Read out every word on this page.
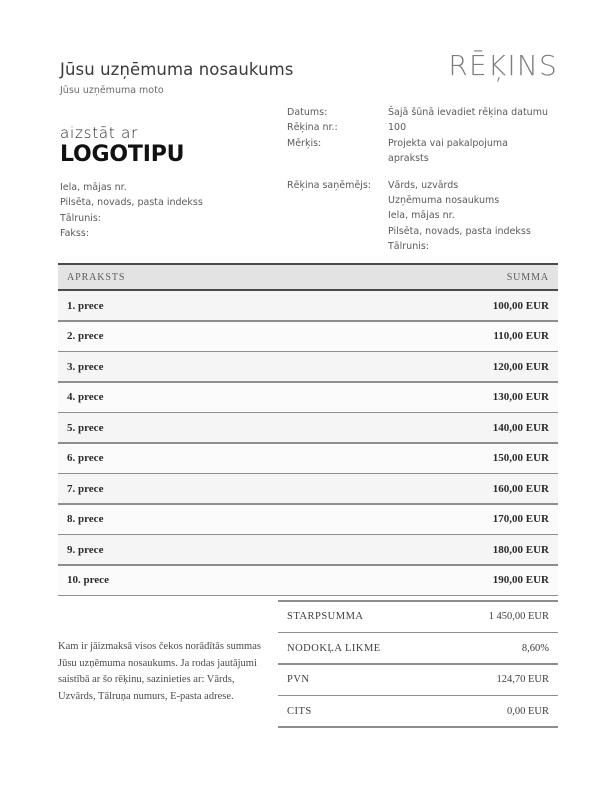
Jūsu uzņēmuma nosaukums
Jūsu uzņēmuma moto
aizstāt ar
LOGOTIPU
Iela, mājas nr.
Pilsēta, novads, pasta indekss
Tālrunis:
Fakss:
RĒĶINS
Datums:	Šajā šūnā ievadiet rēķina datumu
Rēķina nr.:	100
Mērķis:	Projekta vai pakalpojuma
apraksts
Rēķina saņēmējs:	Vārds, uzvārds
Uzņēmuma nosaukums
Iela, mājas nr.
Pilsēta, novads, pasta indekss
Tālrunis:
APRAKSTS	SUMMA
1. prece	100,00 EUR
2. prece	110,00 EUR
3. prece	120,00 EUR
4. prece	130,00 EUR
5. prece	140,00 EUR
6. prece	150,00 EUR
7. prece	160,00 EUR
8. prece	170,00 EUR
9. prece	180,00 EUR
10. prece	190,00 EUR
STARPSUMMA	1 450,00 EUR
NODOKĻA LIKME	8,60%
PVN	124,70 EUR
CITS	0,00 EUR
Kam ir jāizmaksā visos čekos norādītās summas Jūsu uzņēmuma nosaukums. Ja rodas jautājumi saistībā ar šo rēķinu, sazinieties ar: Vārds, Uzvārds, Tālruņa numurs, E-pasta adrese.
